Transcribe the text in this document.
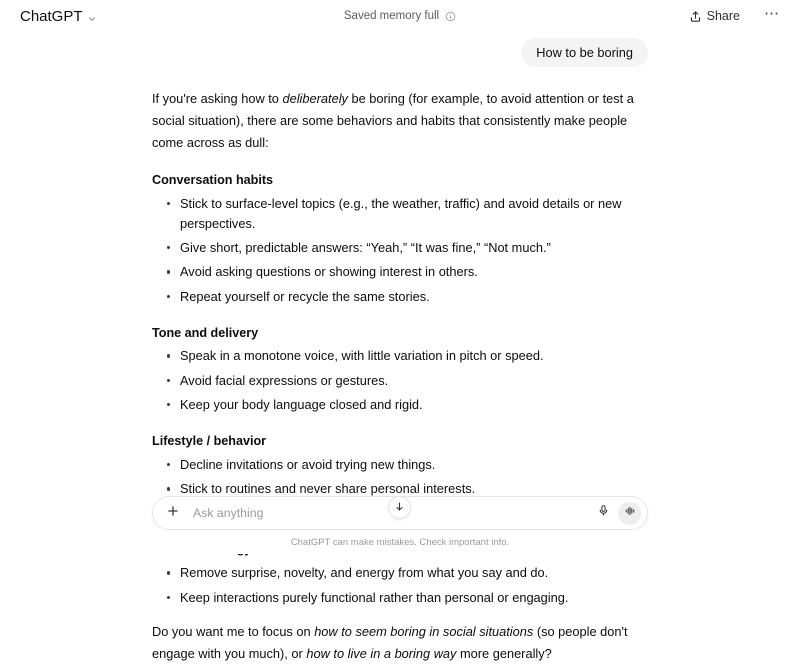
ChatGPT	Saved memory full	Share	⋯
How to be boring

If you're asking how to deliberately be boring (for example, to avoid attention or test a social situation), there are some behaviors and habits that consistently make people come across as dull:

Conversation habits
Stick to surface-level topics (e.g., the weather, traffic) and avoid details or new perspectives.
Give short, predictable answers: “Yeah,” “It was fine,” “Not much.”
Avoid asking questions or showing interest in others.
Repeat yourself or recycle the same stories.
Tone and delivery
Speak in a monotone voice, with little variation in pitch or speed.
Avoid facial expressions or gestures.
Keep your body language closed and rigid.
Lifestyle / behavior
Decline invitations or avoid trying new things.
Stick to routines and never share personal interests.
Remove surprise, novelty, and energy from what you say and do.
Keep interactions purely functional rather than personal or engaging.

Do you want me to focus on how to seem boring in social situations (so people don't engage with you much), or how to live in a boring way more generally?

Ask anything
ChatGPT can make mistakes. Check important info.
